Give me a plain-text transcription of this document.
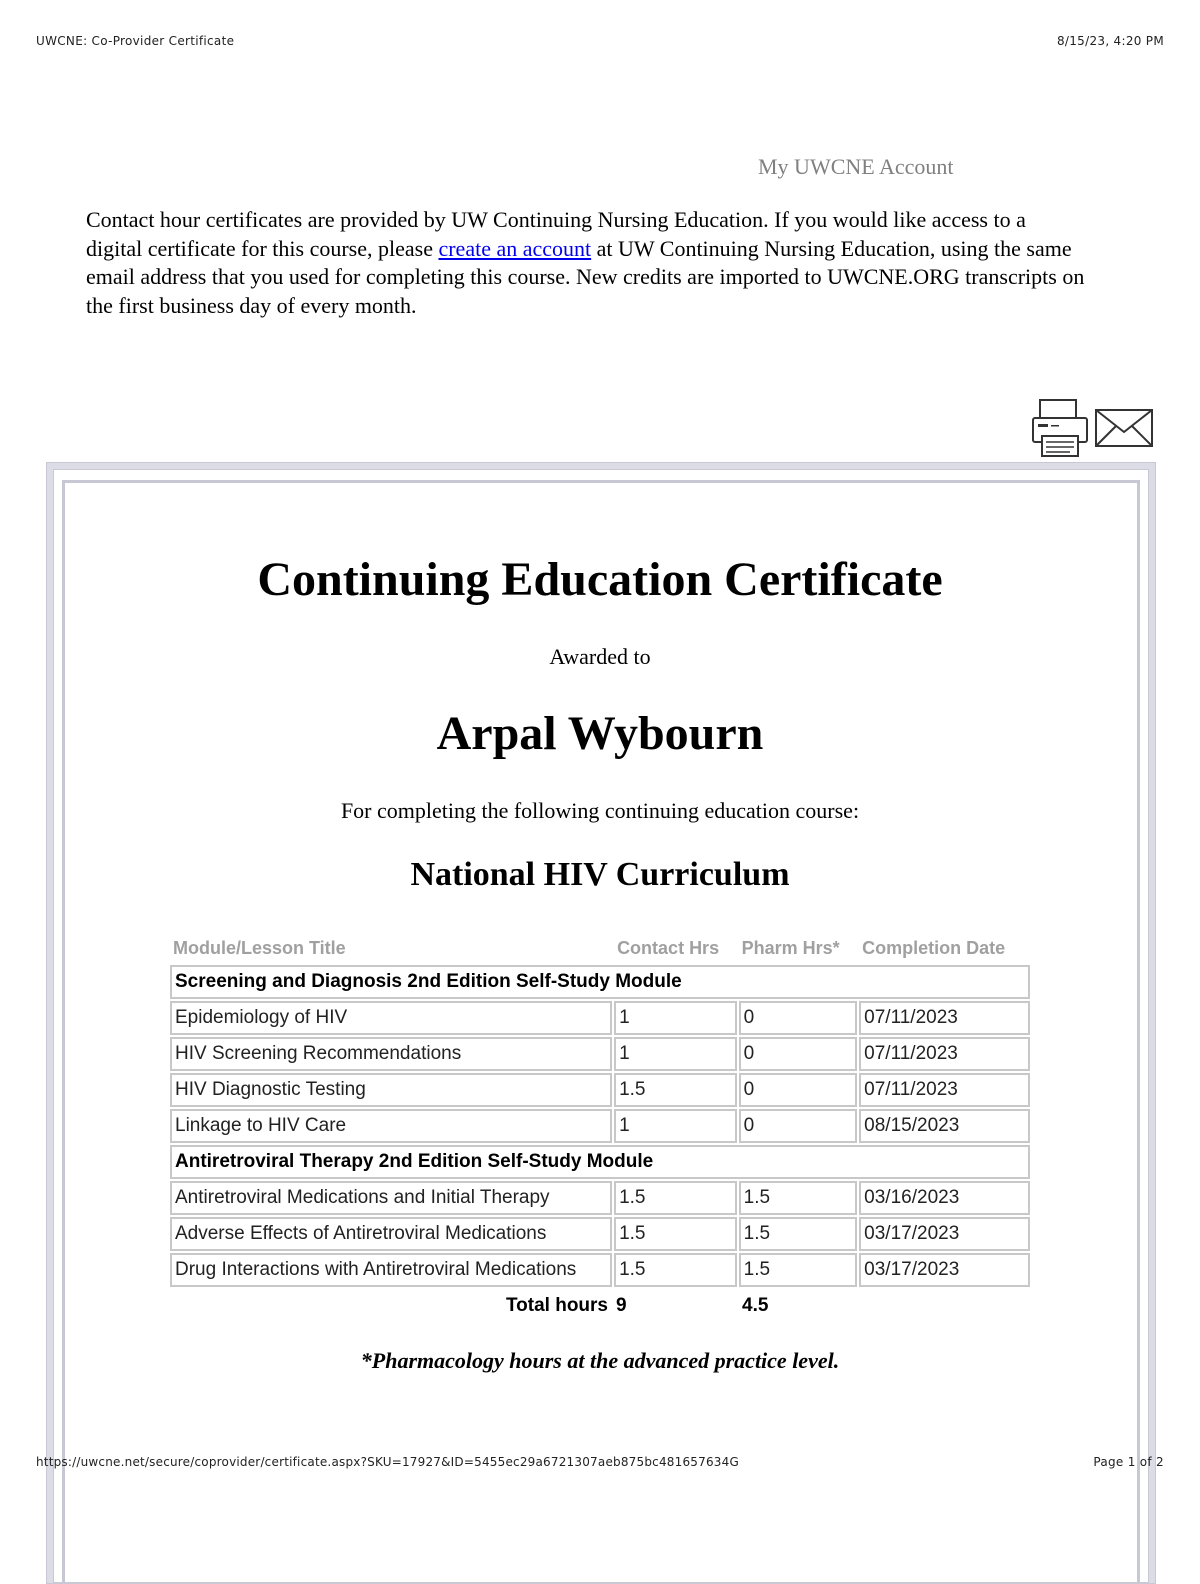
UWCNE: Co-Provider Certificate	8/15/23, 4:20 PM
My UWCNE Account
Contact hour certificates are provided by UW Continuing Nursing Education. If you would like access to a digital certificate for this course, please create an account at UW Continuing Nursing Education, using the same email address that you used for completing this course. New credits are imported to UWCNE.ORG transcripts on the first business day of every month.
Continuing Education Certificate
Awarded to
Arpal Wybourn
For completing the following continuing education course:
National HIV Curriculum
Module/Lesson Title	Contact Hrs	Pharm Hrs*	Completion Date
Screening and Diagnosis 2nd Edition Self-Study Module			
Epidemiology of HIV	1	0	07/11/2023
HIV Screening Recommendations	1	0	07/11/2023
HIV Diagnostic Testing	1.5	0	07/11/2023
Linkage to HIV Care	1	0	08/15/2023
Antiretroviral Therapy 2nd Edition Self-Study Module			
Antiretroviral Medications and Initial Therapy	1.5	1.5	03/16/2023
Adverse Effects of Antiretroviral Medications	1.5	1.5	03/17/2023
Drug Interactions with Antiretroviral Medications	1.5	1.5	03/17/2023
Total hours 9	4.5
*Pharmacology hours at the advanced practice level.
https://uwcne.net/secure/coprovider/certificate.aspx?SKU=17927&ID=5455ec29a6721307aeb875bc481657634G	Page 1 of 2
